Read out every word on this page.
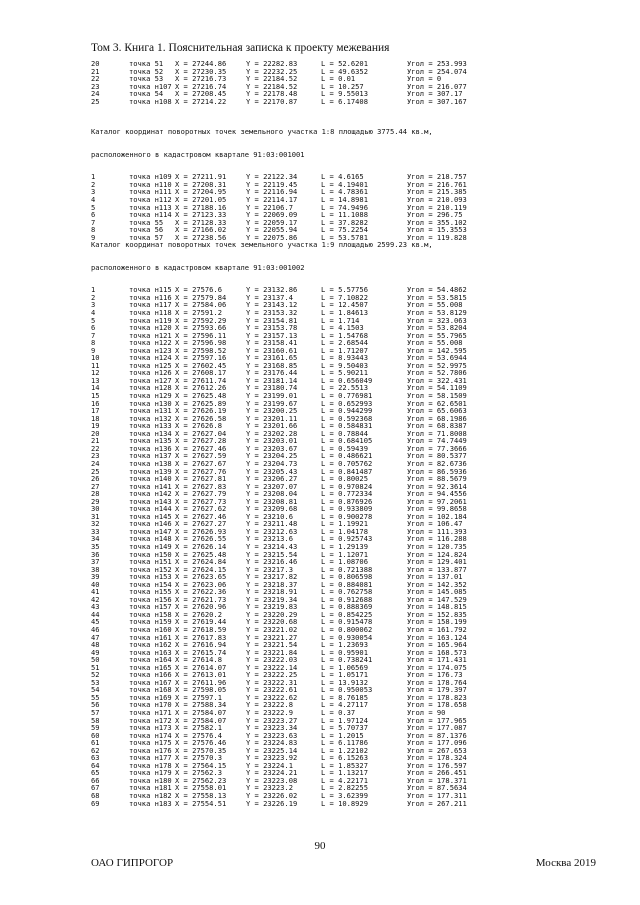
Том 3. Книга 1. Пояснительная записка к проекту межевания
20	точка 51 X = 27244.86	Y = 22282.83	L = 52.6201	Угол = 253.993
21	точка 52 X = 27230.35	Y = 22232.25	L = 49.6352	Угол = 254.074
22	точка 53 X = 27216.73	Y = 22184.52	L = 0.01	Угол = 0
23	точка н107 X = 27216.74	Y = 22184.52	L = 10.257	Угол = 216.077
24	точка 54 X = 27208.45	Y = 22178.48	L = 9.55013	Угол = 307.17
25	точка н108 X = 27214.22	Y = 22170.87	L = 6.17408	Угол = 307.167

Каталог координат поворотных точек земельного участка 1:8 площадью 3775.44 кв.м,

расположенного в кадастровом квартале 91:03:001001

1	точка н109 X = 27211.91	Y = 22122.34	L = 4.6165	Угол = 218.757
2	точка н110 X = 27208.31	Y = 22119.45	L = 4.19401	Угол = 216.761
3	точка н111 X = 27204.95	Y = 22116.94	L = 4.78361	Угол = 215.385
4	точка н112 X = 27201.05	Y = 22114.17	L = 14.8981	Угол = 210.093
5	точка н113 X = 27188.16	Y = 22106.7	L = 74.9496	Угол = 210.119
6	точка н114 X = 27123.33	Y = 22069.09	L = 11.1088	Угол = 296.75
7	точка 55 X = 27128.33	Y = 22059.17	L = 37.8282	Угол = 355.102
8	точка 56 X = 27166.02	Y = 22055.94	L = 75.2254	Угол = 15.3553
9	точка 57 X = 27238.56	Y = 22075.86	L = 53.5781	Угол = 119.828

Каталог координат поворотных точек земельного участка 1:9 площадью 2599.23 кв.м,

расположенного в кадастровом квартале 91:03:001002

1	точка н115 X = 27576.6	Y = 23132.86	L = 5.57756	Угол = 54.4862
2	точка н116 X = 27579.84	Y = 23137.4	L = 7.10822	Угол = 53.5815
3	точка н117 X = 27584.06	Y = 23143.12	L = 12.4507	Угол = 55.008
4	точка н118 X = 27591.2	Y = 23153.32	L = 1.84613	Угол = 53.8129
5	точка н119 X = 27592.29	Y = 23154.81	L = 1.714	Угол = 323.063
6	точка н120 X = 27593.66	Y = 23153.78	L = 4.1503	Угол = 53.8204
7	точка н121 X = 27596.11	Y = 23157.13	L = 1.54768	Угол = 55.7965
8	точка н122 X = 27596.98	Y = 23158.41	L = 2.68544	Угол = 55.008
9	точка н123 X = 27598.52	Y = 23160.61	L = 1.71207	Угол = 142.595
10	точка н124 X = 27597.16	Y = 23161.65	L = 8.93443	Угол = 53.6944
11	точка н125 X = 27602.45	Y = 23168.85	L = 9.50403	Угол = 52.9975
12	точка н126 X = 27608.17	Y = 23176.44	L = 5.90211	Угол = 52.7806
13	точка н127 X = 27611.74	Y = 23181.14	L = 0.656049	Угол = 322.431
14	точка н128 X = 27612.26	Y = 23180.74	L = 22.5513	Угол = 54.1109
15	точка н129 X = 27625.48	Y = 23199.01	L = 0.776981	Угол = 58.1509
16	точка н130 X = 27625.89	Y = 23199.67	L = 0.652993	Угол = 62.6501
17	точка н131 X = 27626.19	Y = 23200.25	L = 0.944299	Угол = 65.6063
18	точка н132 X = 27626.58	Y = 23201.11	L = 0.592368	Угол = 68.1986
19	точка н133 X = 27626.8	Y = 23201.66	L = 0.584831	Угол = 68.8387
20	точка н134 X = 27627.04	Y = 23202.28	L = 0.78844	Угол = 71.8008
21	точка н135 X = 27627.28	Y = 23203.01	L = 0.684105	Угол = 74.7449
22	точка н136 X = 27627.46	Y = 23203.67	L = 0.59439	Угол = 77.3666
23	точка н137 X = 27627.59	Y = 23204.25	L = 0.486621	Угол = 80.5377
24	точка н138 X = 27627.67	Y = 23204.73	L = 0.705762	Угол = 82.6736
25	точка н139 X = 27627.76	Y = 23205.43	L = 0.841487	Угол = 86.5936
26	точка н140 X = 27627.81	Y = 23206.27	L = 0.80025	Угол = 88.5679
27	точка н141 X = 27627.83	Y = 23207.07	L = 0.970824	Угол = 92.3614
28	точка н142 X = 27627.79	Y = 23208.04	L = 0.772334	Угол = 94.4556
29	точка н143 X = 27627.73	Y = 23208.81	L = 0.876926	Угол = 97.2061
30	точка н144 X = 27627.62	Y = 23209.68	L = 0.933809	Угол = 99.8658
31	точка н145 X = 27627.46	Y = 23210.6	L = 0.900278	Угол = 102.184
32	точка н146 X = 27627.27	Y = 23211.48	L = 1.19921	Угол = 106.47
33	точка н147 X = 27626.93	Y = 23212.63	L = 1.04178	Угол = 111.393
34	точка н148 X = 27626.55	Y = 23213.6	L = 0.925743	Угол = 116.288
35	точка н149 X = 27626.14	Y = 23214.43	L = 1.29139	Угол = 120.735
36	точка н150 X = 27625.48	Y = 23215.54	L = 1.12071	Угол = 124.824
37	точка н151 X = 27624.84	Y = 23216.46	L = 1.08706	Угол = 129.401
38	точка н152 X = 27624.15	Y = 23217.3	L = 0.721388	Угол = 133.877
39	точка н153 X = 27623.65	Y = 23217.82	L = 0.806598	Угол = 137.01
40	точка н154 X = 27623.06	Y = 23218.37	L = 0.884081	Угол = 142.352
41	точка н155 X = 27622.36	Y = 23218.91	L = 0.762758	Угол = 145.085
42	точка н156 X = 27621.73	Y = 23219.34	L = 0.912688	Угол = 147.529
43	точка н157 X = 27620.96	Y = 23219.83	L = 0.888369	Угол = 148.815
44	точка н158 X = 27620.2	Y = 23220.29	L = 0.854225	Угол = 152.835
45	точка н159 X = 27619.44	Y = 23220.68	L = 0.915478	Угол = 158.199
46	точка н160 X = 27618.59	Y = 23221.02	L = 0.800062	Угол = 161.792
47	точка н161 X = 27617.83	Y = 23221.27	L = 0.930054	Угол = 163.124
48	точка н162 X = 27616.94	Y = 23221.54	L = 1.23693	Угол = 165.964
49	точка н163 X = 27615.74	Y = 23221.84	L = 0.95901	Угол = 168.573
50	точка н164 X = 27614.8	Y = 23222.03	L = 0.738241	Угол = 171.431
51	точка н165 X = 27614.07	Y = 23222.14	L = 1.06569	Угол = 174.075
52	точка н166 X = 27613.01	Y = 23222.25	L = 1.05171	Угол = 176.73
53	точка н167 X = 27611.96	Y = 23222.31	L = 13.9132	Угол = 178.764
54	точка н168 X = 27598.05	Y = 23222.61	L = 0.950053	Угол = 179.397
55	точка н169 X = 27597.1	Y = 23222.62	L = 8.76185	Угол = 178.823
56	точка н170 X = 27588.34	Y = 23222.8	L = 4.27117	Угол = 178.658
57	точка н171 X = 27584.07	Y = 23222.9	L = 0.37	Угол = 90
58	точка н172 X = 27584.07	Y = 23223.27	L = 1.97124	Угол = 177.965
59	точка н173 X = 27582.1	Y = 23223.34	L = 5.70737	Угол = 177.087
60	точка н174 X = 27576.4	Y = 23223.63	L = 1.2015	Угол = 87.1376
61	точка н175 X = 27576.46	Y = 23224.83	L = 6.11786	Угол = 177.096
62	точка н176 X = 27570.35	Y = 23225.14	L = 1.22102	Угол = 267.653
63	точка н177 X = 27570.3	Y = 23223.92	L = 6.15263	Угол = 178.324
64	точка н178 X = 27564.15	Y = 23224.1	L = 1.85327	Угол = 176.597
65	точка н179 X = 27562.3	Y = 23224.21	L = 1.13217	Угол = 266.451
66	точка н180 X = 27562.23	Y = 23223.08	L = 4.22171	Угол = 178.371
67	точка н181 X = 27558.01	Y = 23223.2	L = 2.82255	Угол = 87.5634
68	точка н182 X = 27558.13	Y = 23226.02	L = 3.62399	Угол = 177.311
69	точка н183 X = 27554.51	Y = 23226.19	L = 10.8929	Угол = 267.211
90
ОАО ГИПРОГОР	Москва 2019
